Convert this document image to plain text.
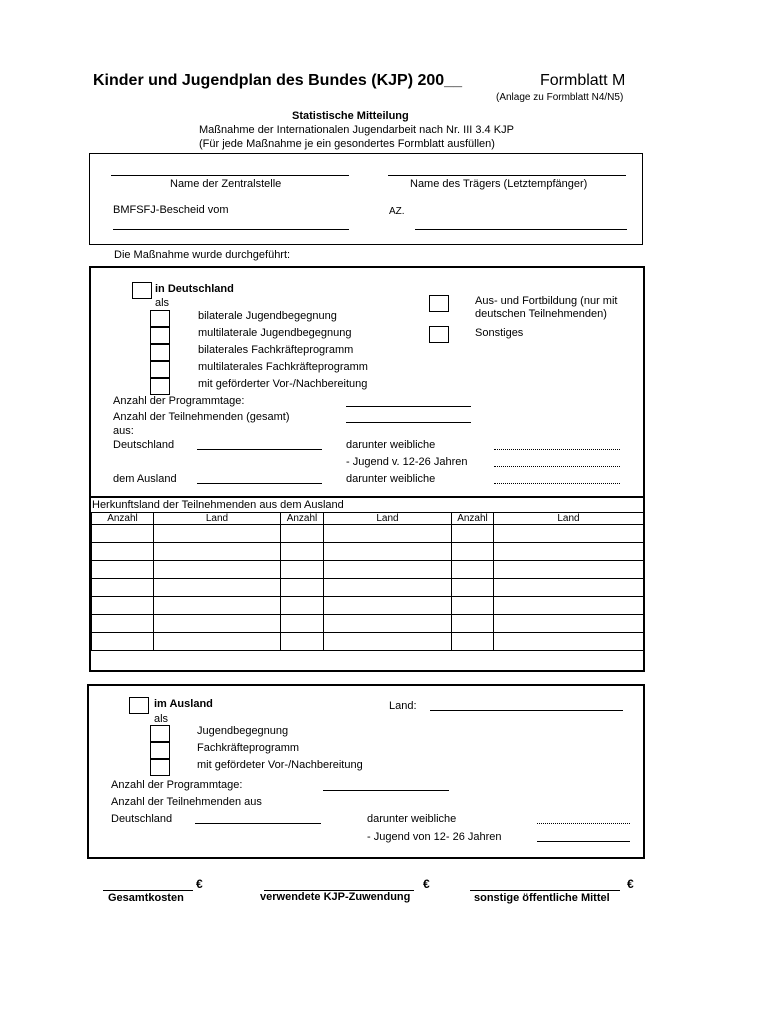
Kinder und Jugendplan des Bundes (KJP) 200__	Formblatt M
(Anlage zu Formblatt N4/N5)
Statistische Mitteilung
Maßnahme der Internationalen Jugendarbeit nach Nr. III 3.4 KJP
(Für jede Maßnahme je ein gesondertes Formblatt ausfüllen)
Name der Zentralstelle	Name des Trägers (Letztempfänger)
BMFSFJ-Bescheid vom	AZ.
Die Maßnahme wurde durchgeführt:
in Deutschland
als
bilaterale Jugendbegegnung
multilaterale Jugendbegegnung
bilaterales Fachkräfteprogramm
multilaterales Fachkräfteprogramm
mit geförderter Vor-/Nachbereitung
Aus- und Fortbildung (nur mit
deutschen Teilnehmenden)
Sonstiges
Anzahl der Programmtage:
Anzahl der Teilnehmenden (gesamt)
aus:
Deutschland	darunter weibliche
- Jugend v. 12-26 Jahren
dem Ausland	darunter weibliche
Herkunftsland der Teilnehmenden aus dem Ausland
Anzahl	Land	Anzahl	Land	Anzahl	Land

im Ausland
als
Land:
Jugendbegegnung
Fachkräfteprogramm
mit gefördeter Vor-/Nachbereitung
Anzahl der Programmtage:
Anzahl der Teilnehmenden aus
Deutschland	darunter weibliche
- Jugend von 12- 26 Jahren
€
Gesamtkosten
€
verwendete KJP-Zuwendung
€
sonstige öffentliche Mittel
